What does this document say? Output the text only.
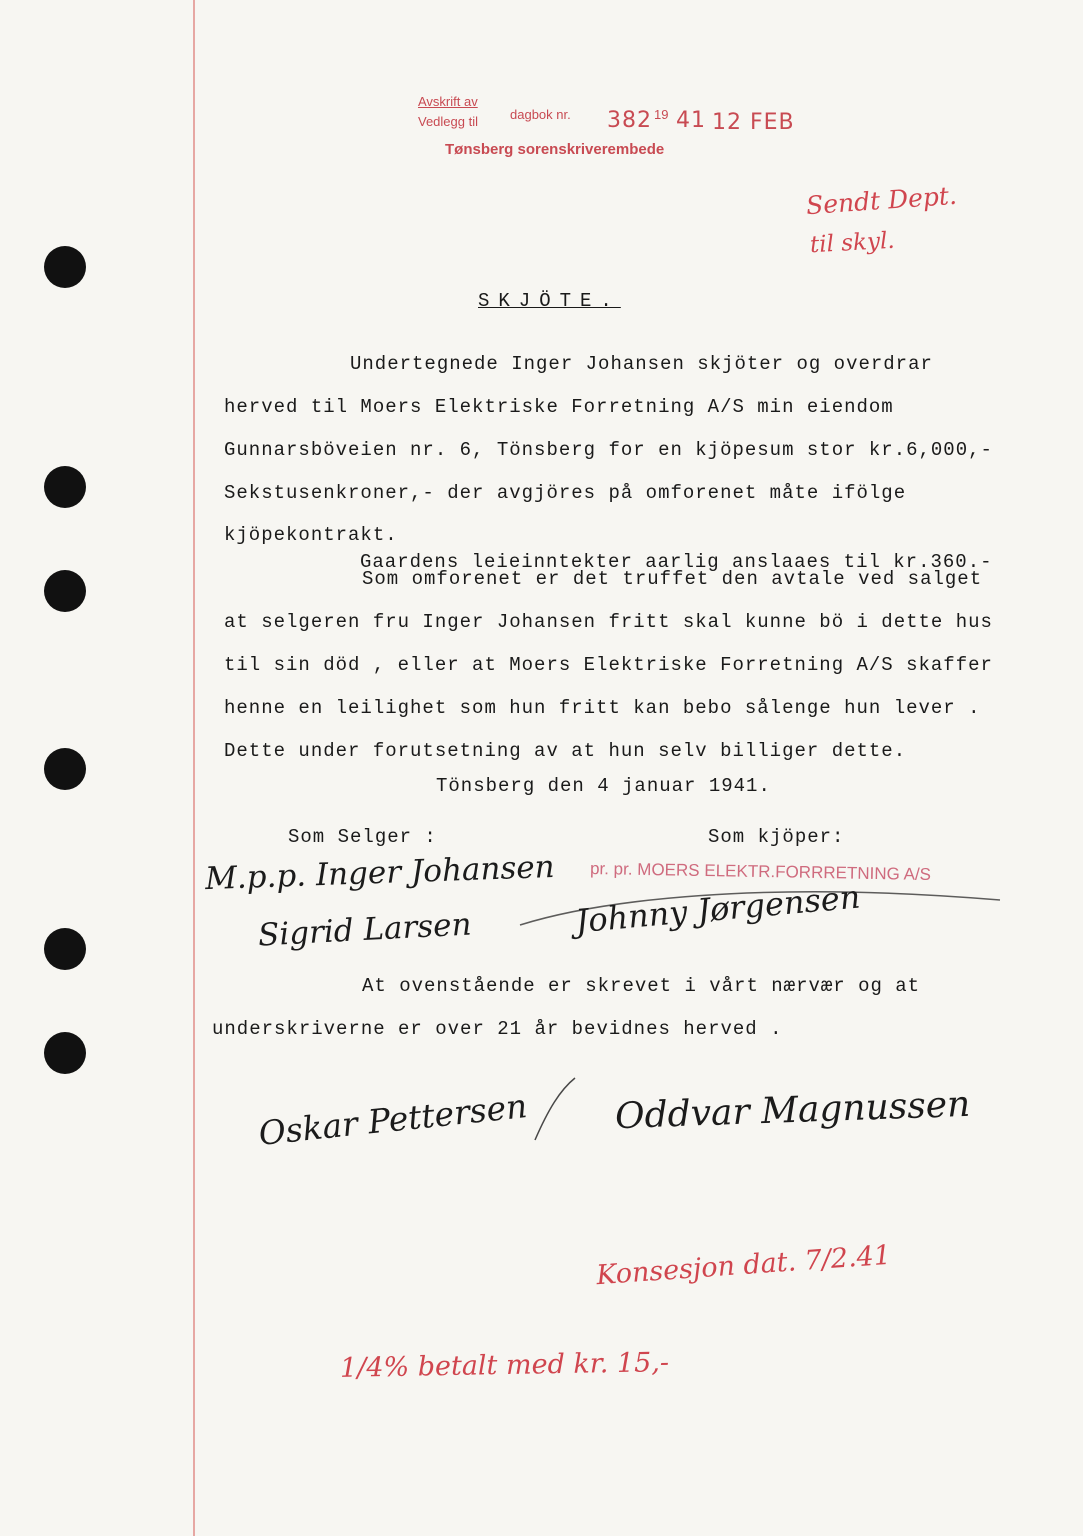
Avskrift av
Vedlegg til dagbok nr. 382 19 41 12 FEB
Tønsberg sorenskriverembede
Sendt Dept.
til skyl.
SKJÖTE.
Undertegnede Inger Johansen skjöter og overdrar
herved til Moers Elektriske Forretning A/S min eiendom
Gunnarsböveien nr. 6, Tönsberg for en kjöpesum stor kr.6,000,-
Sekstusenkroner,- der avgjöres på omforenet måte ifölge
kjöpekontrakt.
Gaardens leieinntekter aarlig anslaaes til kr.360.-
Som omforenet er det truffet den avtale ved salget
at selgeren fru Inger Johansen fritt skal kunne bö i dette hus
til sin död , eller at Moers Elektriske Forretning A/S skaffer
henne en leilighet som hun fritt kan bebo sålenge hun lever .
Dette under forutsetning av at hun selv billiger dette.
Tönsberg den 4 januar 1941.
Som Selger :	Som kjöper:
M.p.p. Inger Johansen
Sigrid Larsen
pr. pr. MOERS ELEKTR.FORRRETNING A/S
Johnny Jørgensen
At ovenstående er skrevet i vårt nærvær og at
underskriverne er over 21 år bevidnes herved .
Oskar Pettersen Oddvar Magnussen
Konsesjon dat. 7/2.41
1/4% betalt med kr. 15,-
